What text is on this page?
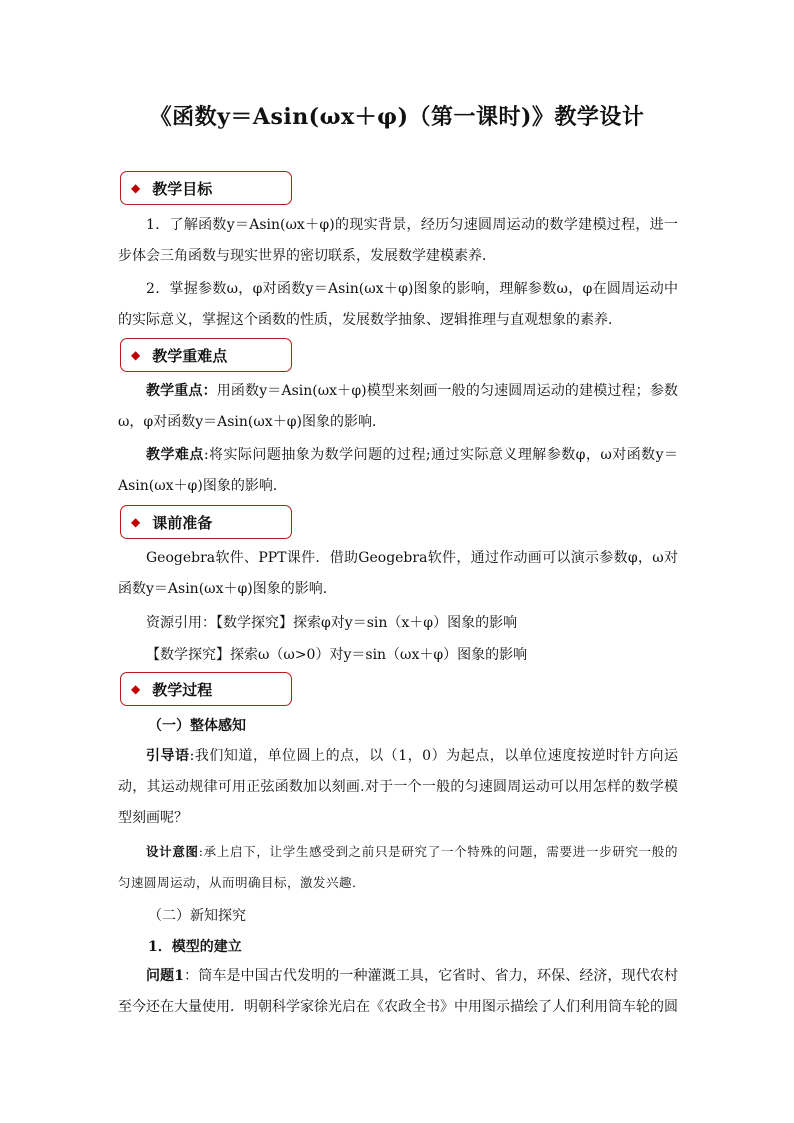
《函数y＝Asin(ωx＋φ)（第一课时)》教学设计
◆ 教学目标
1．了解函数y＝Asin(ωx＋φ)的现实背景，经历匀速圆周运动的数学建模过程，进一步体会三角函数与现实世界的密切联系，发展数学建模素养．
2．掌握参数ω，φ对函数y＝Asin(ωx＋φ)图象的影响，理解参数ω，φ在圆周运动中的实际意义，掌握这个函数的性质，发展数学抽象、逻辑推理与直观想象的素养．
◆ 教学重难点
教学重点：用函数y＝Asin(ωx＋φ)模型来刻画一般的匀速圆周运动的建模过程；参数ω，φ对函数y＝Asin(ωx＋φ)图象的影响．
教学难点:将实际问题抽象为数学问题的过程;通过实际意义理解参数φ，ω对函数y＝Asin(ωx＋φ)图象的影响．
◆ 课前准备
Geogebra软件、PPT课件．借助Geogebra软件，通过作动画可以演示参数φ，ω对函数y＝Asin(ωx＋φ)图象的影响．
资源引用：【数学探究】探索φ对y＝sin（x＋φ）图象的影响
【数学探究】探索ω（ω>0）对y＝sin（ωx＋φ）图象的影响
◆ 教学过程
（一）整体感知
引导语:我们知道，单位圆上的点，以（1，0）为起点，以单位速度按逆时针方向运动，其运动规律可用正弦函数加以刻画.对于一个一般的匀速圆周运动可以用怎样的数学模型刻画呢？
设计意图:承上启下，让学生感受到之前只是研究了一个特殊的问题，需要进一步研究一般的匀速圆周运动，从而明确目标，激发兴趣．
（二）新知探究
1．模型的建立
问题1：筒车是中国古代发明的一种灌溉工具，它省时、省力，环保、经济，现代农村至今还在大量使用．明朝科学家徐光启在《农政全书》中用图示描绘了人们利用筒车轮的圆
